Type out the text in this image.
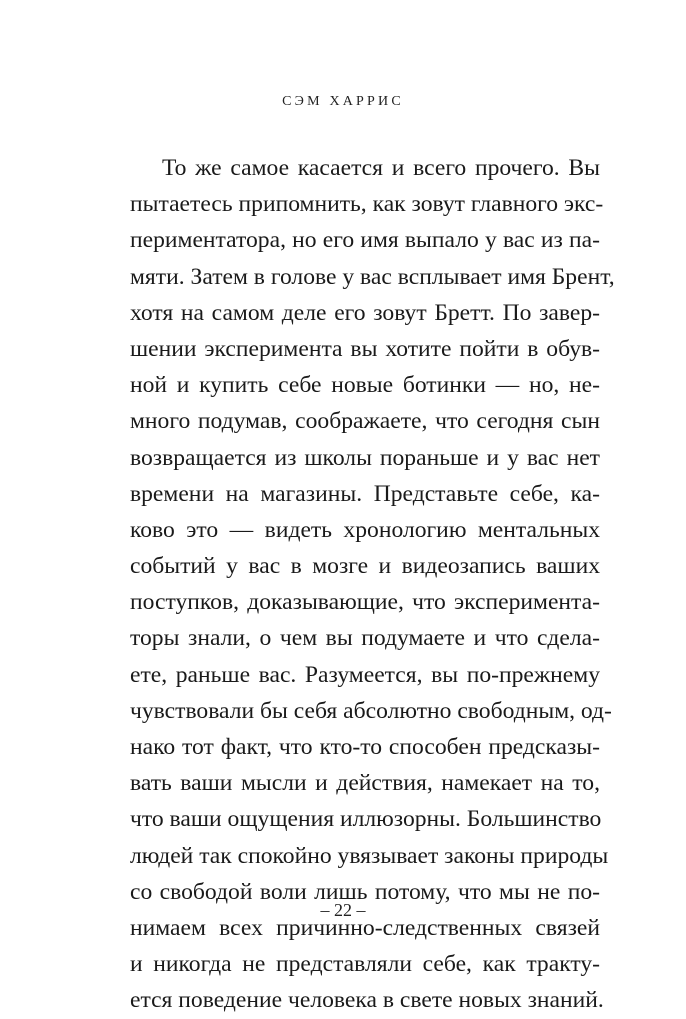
СЭМ ХАРРИС
То же самое касается и всего прочего. Вы
пытаетесь припомнить, как зовут главного экс-
периментатора, но его имя выпало у вас из па-
мяти. Затем в голове у вас всплывает имя Брент,
хотя на самом деле его зовут Бретт. По завер-
шении эксперимента вы хотите пойти в обув-
ной и купить себе новые ботинки — но, не-
много подумав, соображаете, что сегодня сын
возвращается из школы пораньше и у вас нет
времени на магазины. Представьте себе, ка-
ково это — видеть хронологию ментальных
событий у вас в мозге и видеозапись ваших
поступков, доказывающие, что эксперимента-
торы знали, о чем вы подумаете и что сдела-
ете, раньше вас. Разумеется, вы по-прежнему
чувствовали бы себя абсолютно свободным, од-
нако тот факт, что кто-то способен предсказы-
вать ваши мысли и действия, намекает на то,
что ваши ощущения иллюзорны. Большинство
людей так спокойно увязывает законы природы
со свободой воли лишь потому, что мы не по-
нимаем всех причинно-следственных связей
и никогда не представляли себе, как тракту-
ется поведение человека в свете новых знаний.
– 22 –
